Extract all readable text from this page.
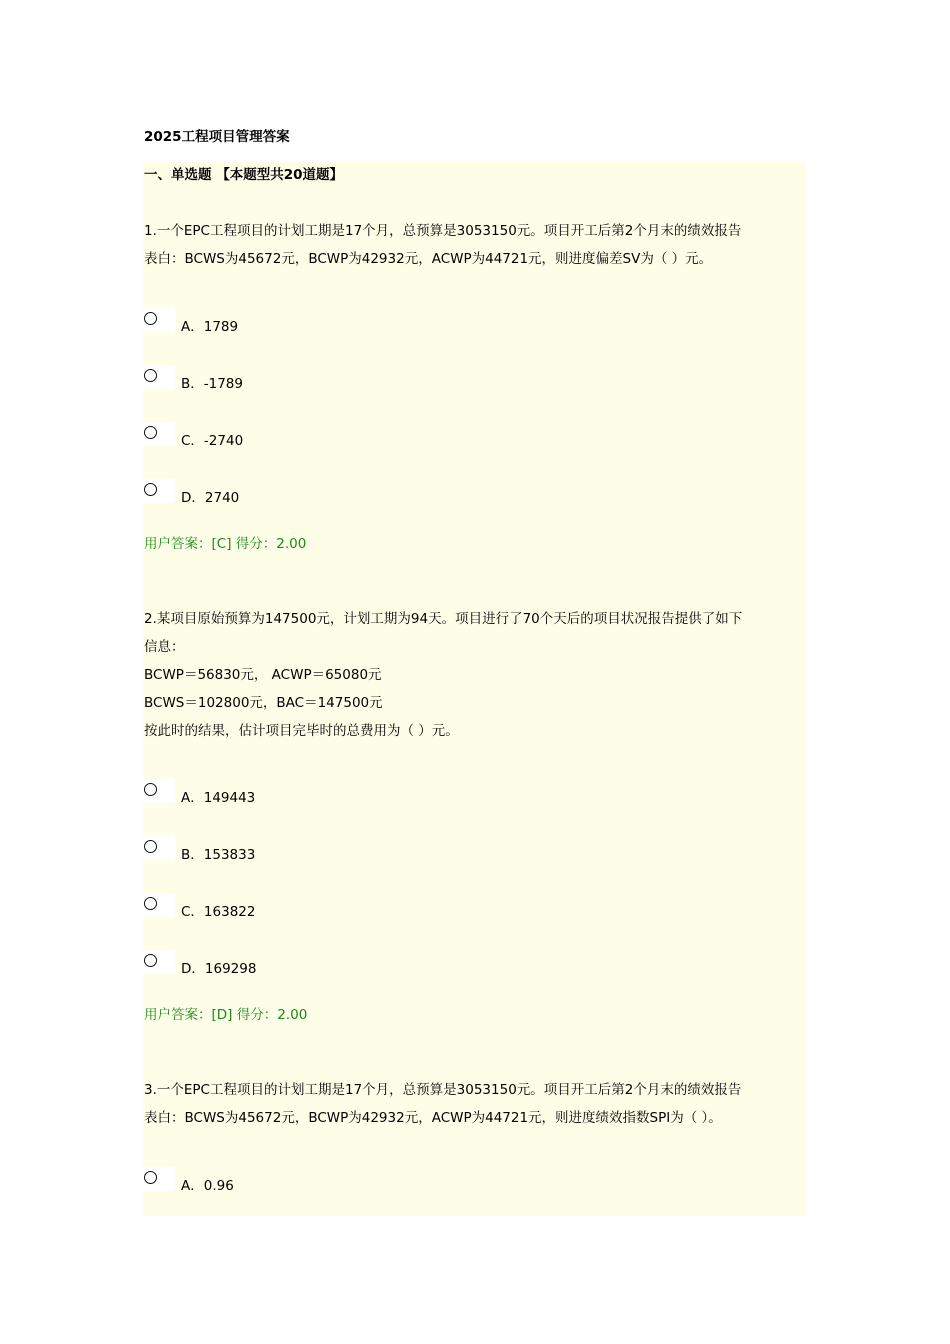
2025工程项目管理答案
一、单选题 【本题型共20道题】
1.一个EPC工程项目的计划工期是17个月，总预算是3053150元。项目开工后第2个月末的绩效报告
表白：BCWS为45672元，BCWP为42932元，ACWP为44721元，则进度偏差SV为（ ）元。
A．1789
B．-1789
C．-2740
D．2740
用户答案：[C] 得分：2.00
2.某项目原始预算为147500元，计划工期为94天。项目进行了70个天后的项目状况报告提供了如下
信息：
BCWP＝56830元， ACWP＝65080元
BCWS＝102800元，BAC＝147500元
按此时的结果，估计项目完毕时的总费用为（ ）元。
A．149443
B．153833
C．163822
D．169298
用户答案：[D] 得分：2.00
3.一个EPC工程项目的计划工期是17个月，总预算是3053150元。项目开工后第2个月末的绩效报告
表白：BCWS为45672元，BCWP为42932元，ACWP为44721元，则进度绩效指数SPI为（ ）。
A．0.96
